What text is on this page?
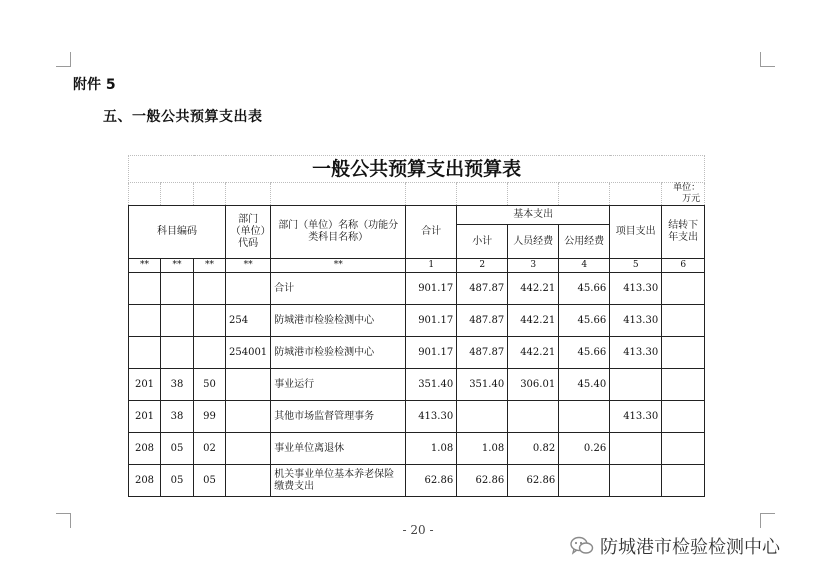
附件 5
五、一般公共预算支出表
一般公共预算支出预算表										
										单位：万元
科目编码			部门（单位）代码	部门（单位）名称（功能分类科目名称）	合计	基本支出			项目支出	结转下年支出
						小计	人员经费	公用经费		
**	**	**	**	**	1	2	3	4	5	6
				合计	901.17	487.87	442.21	45.66	413.30	
			254	防城港市检验检测中心	901.17	487.87	442.21	45.66	413.30	
			254001	防城港市检验检测中心	901.17	487.87	442.21	45.66	413.30	
201	38	50		事业运行	351.40	351.40	306.01	45.40		
201	38	99		其他市场监督管理事务	413.30				413.30	
208	05	02		事业单位离退休	1.08	1.08	0.82	0.26		
208	05	05		机关事业单位基本养老保险缴费支出	62.86	62.86	62.86			
- 20 -
防城港市检验检测中心
